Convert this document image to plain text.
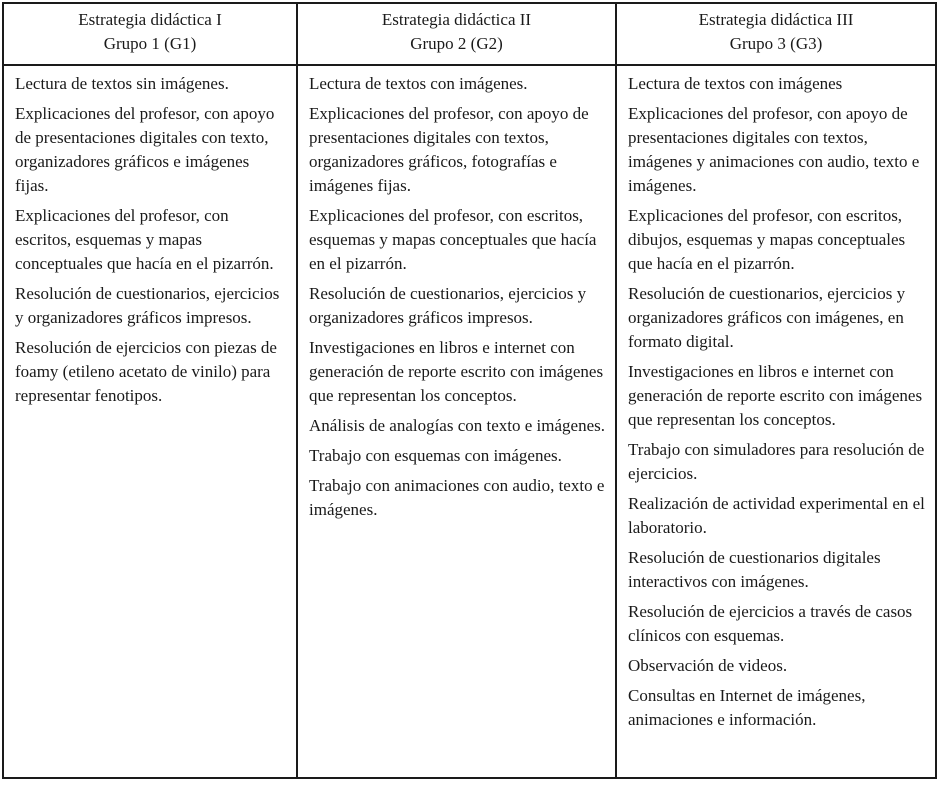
Estrategia didáctica I
Grupo 1 (G1)
Estrategia didáctica II
Grupo 2 (G2)
Estrategia didáctica III
Grupo 3 (G3)

Lectura de textos sin imágenes.

Explicaciones del profesor, con apoyo de presentaciones digitales con texto, organizadores gráficos e imágenes fijas.

Explicaciones del profesor, con escritos, esquemas y mapas conceptuales que hacía en el pizarrón.

Resolución de cuestionarios, ejercicios y organizadores gráficos impresos.

Resolución de ejercicios con piezas de foamy (etileno acetato de vinilo) para representar fenotipos.

Lectura de textos con imágenes.

Explicaciones del profesor, con apoyo de presentaciones digitales con textos, organizadores gráficos, fotografías e imágenes fijas.

Explicaciones del profesor, con escritos, esquemas y mapas conceptuales que hacía en el pizarrón.

Resolución de cuestionarios, ejercicios y organizadores gráficos impresos.

Investigaciones en libros e internet con generación de reporte escrito con imágenes que representan los conceptos.

Análisis de analogías con texto e imágenes.

Trabajo con esquemas con imágenes.

Trabajo con animaciones con audio, texto e imágenes.

Lectura de textos con imágenes

Explicaciones del profesor, con apoyo de presentaciones digitales con textos, imágenes y animaciones con audio, texto e imágenes.

Explicaciones del profesor, con escritos, dibujos, esquemas y mapas conceptuales que hacía en el pizarrón.

Resolución de cuestionarios, ejercicios y organizadores gráficos con imágenes, en formato digital.

Investigaciones en libros e internet con generación de reporte escrito con imágenes que representan los conceptos.

Trabajo con simuladores para resolución de ejercicios.

Realización de actividad experimental en el laboratorio.

Resolución de cuestionarios digitales interactivos con imágenes.

Resolución de ejercicios a través de casos clínicos con esquemas.

Observación de videos.

Consultas en Internet de imágenes, animaciones e información.
